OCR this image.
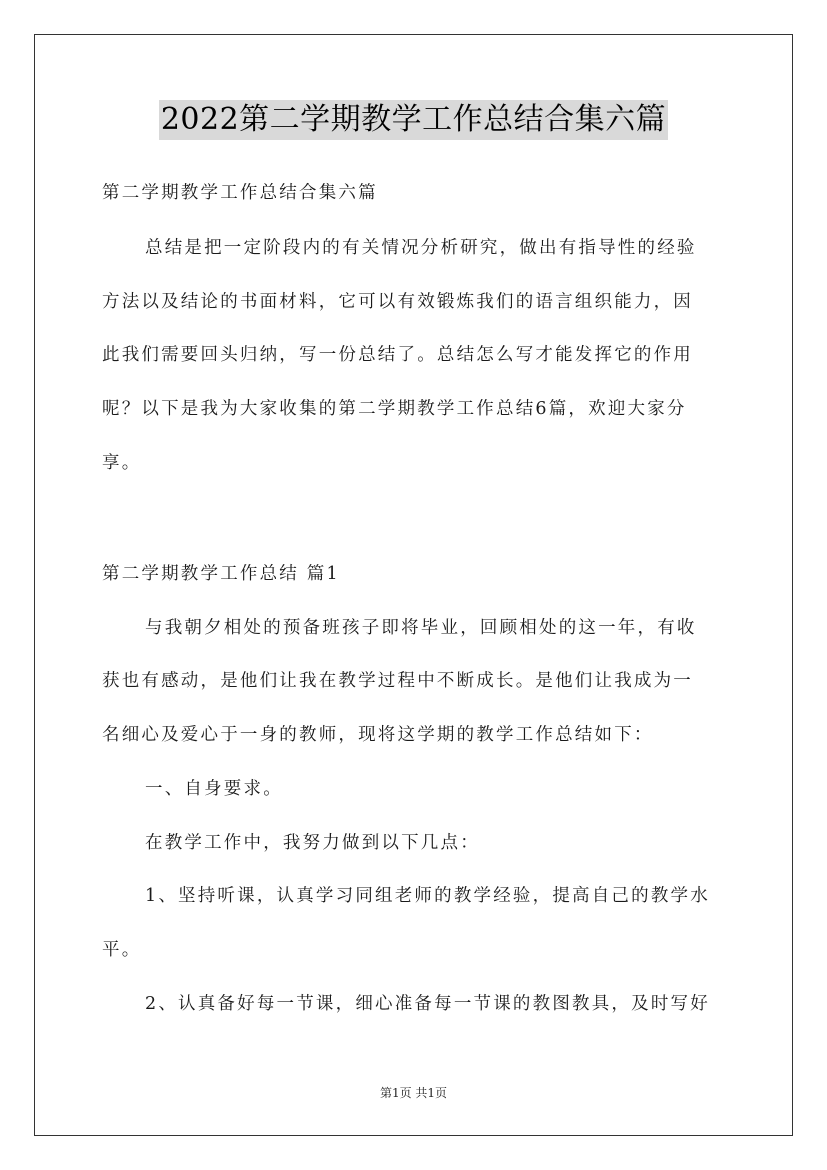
2022第二学期教学工作总结合集六篇
第二学期教学工作总结合集六篇
总结是把一定阶段内的有关情况分析研究，做出有指导性的经验
方法以及结论的书面材料，它可以有效锻炼我们的语言组织能力，因
此我们需要回头归纳，写一份总结了。总结怎么写才能发挥它的作用
呢？以下是我为大家收集的第二学期教学工作总结6篇，欢迎大家分
享。
第二学期教学工作总结 篇1
与我朝夕相处的预备班孩子即将毕业，回顾相处的这一年，有收
获也有感动，是他们让我在教学过程中不断成长。是他们让我成为一
名细心及爱心于一身的教师，现将这学期的教学工作总结如下：
一、自身要求。
在教学工作中，我努力做到以下几点：
1、坚持听课，认真学习同组老师的教学经验，提高自己的教学水
平。
2、认真备好每一节课，细心准备每一节课的教图教具，及时写好
第1页 共1页
